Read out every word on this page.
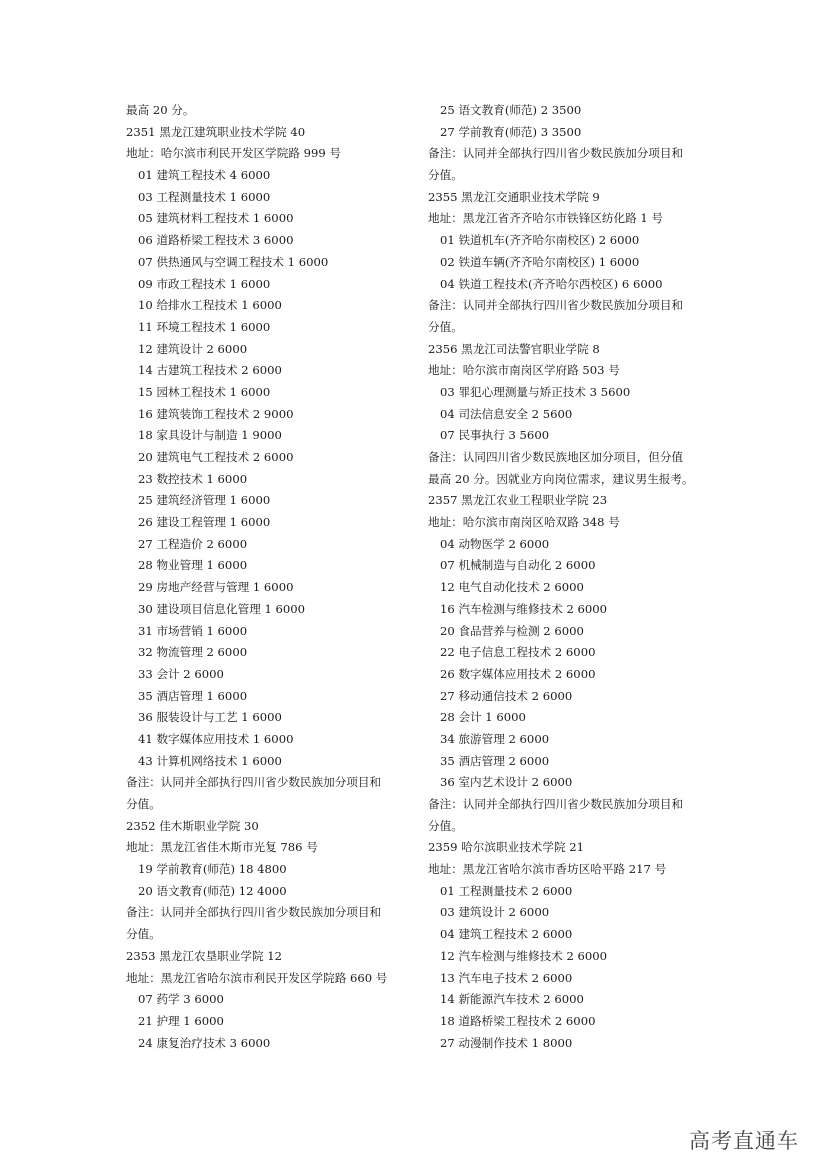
最高 20 分。
2351 黑龙江建筑职业技术学院 40
地址：哈尔滨市利民开发区学院路 999 号
01 建筑工程技术 4 6000
03 工程测量技术 1 6000
05 建筑材料工程技术 1 6000
06 道路桥梁工程技术 3 6000
07 供热通风与空调工程技术 1 6000
09 市政工程技术 1 6000
10 给排水工程技术 1 6000
11 环境工程技术 1 6000
12 建筑设计 2 6000
14 古建筑工程技术 2 6000
15 园林工程技术 1 6000
16 建筑装饰工程技术 2 9000
18 家具设计与制造 1 9000
20 建筑电气工程技术 2 6000
23 数控技术 1 6000
25 建筑经济管理 1 6000
26 建设工程管理 1 6000
27 工程造价 2 6000
28 物业管理 1 6000
29 房地产经营与管理 1 6000
30 建设项目信息化管理 1 6000
31 市场营销 1 6000
32 物流管理 2 6000
33 会计 2 6000
35 酒店管理 1 6000
36 服装设计与工艺 1 6000
41 数字媒体应用技术 1 6000
43 计算机网络技术 1 6000
备注：认同并全部执行四川省少数民族加分项目和
分值。
2352 佳木斯职业学院 30
地址：黑龙江省佳木斯市光复 786 号
19 学前教育(师范) 18 4800
20 语文教育(师范) 12 4000
备注：认同并全部执行四川省少数民族加分项目和
分值。
2353 黑龙江农垦职业学院 12
地址：黑龙江省哈尔滨市利民开发区学院路 660 号
07 药学 3 6000
21 护理 1 6000
24 康复治疗技术 3 6000
25 语文教育(师范) 2 3500
27 学前教育(师范) 3 3500
备注：认同并全部执行四川省少数民族加分项目和
分值。
2355 黑龙江交通职业技术学院 9
地址：黑龙江省齐齐哈尔市铁锋区纺化路 1 号
01 铁道机车(齐齐哈尔南校区) 2 6000
02 铁道车辆(齐齐哈尔南校区) 1 6000
04 铁道工程技术(齐齐哈尔西校区) 6 6000
备注：认同并全部执行四川省少数民族加分项目和
分值。
2356 黑龙江司法警官职业学院 8
地址：哈尔滨市南岗区学府路 503 号
03 罪犯心理测量与矫正技术 3 5600
04 司法信息安全 2 5600
07 民事执行 3 5600
备注：认同四川省少数民族地区加分项目，但分值
最高 20 分。因就业方向岗位需求，建议男生报考。
2357 黑龙江农业工程职业学院 23
地址：哈尔滨市南岗区哈双路 348 号
04 动物医学 2 6000
07 机械制造与自动化 2 6000
12 电气自动化技术 2 6000
16 汽车检测与维修技术 2 6000
20 食品营养与检测 2 6000
22 电子信息工程技术 2 6000
26 数字媒体应用技术 2 6000
27 移动通信技术 2 6000
28 会计 1 6000
34 旅游管理 2 6000
35 酒店管理 2 6000
36 室内艺术设计 2 6000
备注：认同并全部执行四川省少数民族加分项目和
分值。
2359 哈尔滨职业技术学院 21
地址：黑龙江省哈尔滨市香坊区哈平路 217 号
01 工程测量技术 2 6000
03 建筑设计 2 6000
04 建筑工程技术 2 6000
12 汽车检测与维修技术 2 6000
13 汽车电子技术 2 6000
14 新能源汽车技术 2 6000
18 道路桥梁工程技术 2 6000
27 动漫制作技术 1 8000
高考直通车
